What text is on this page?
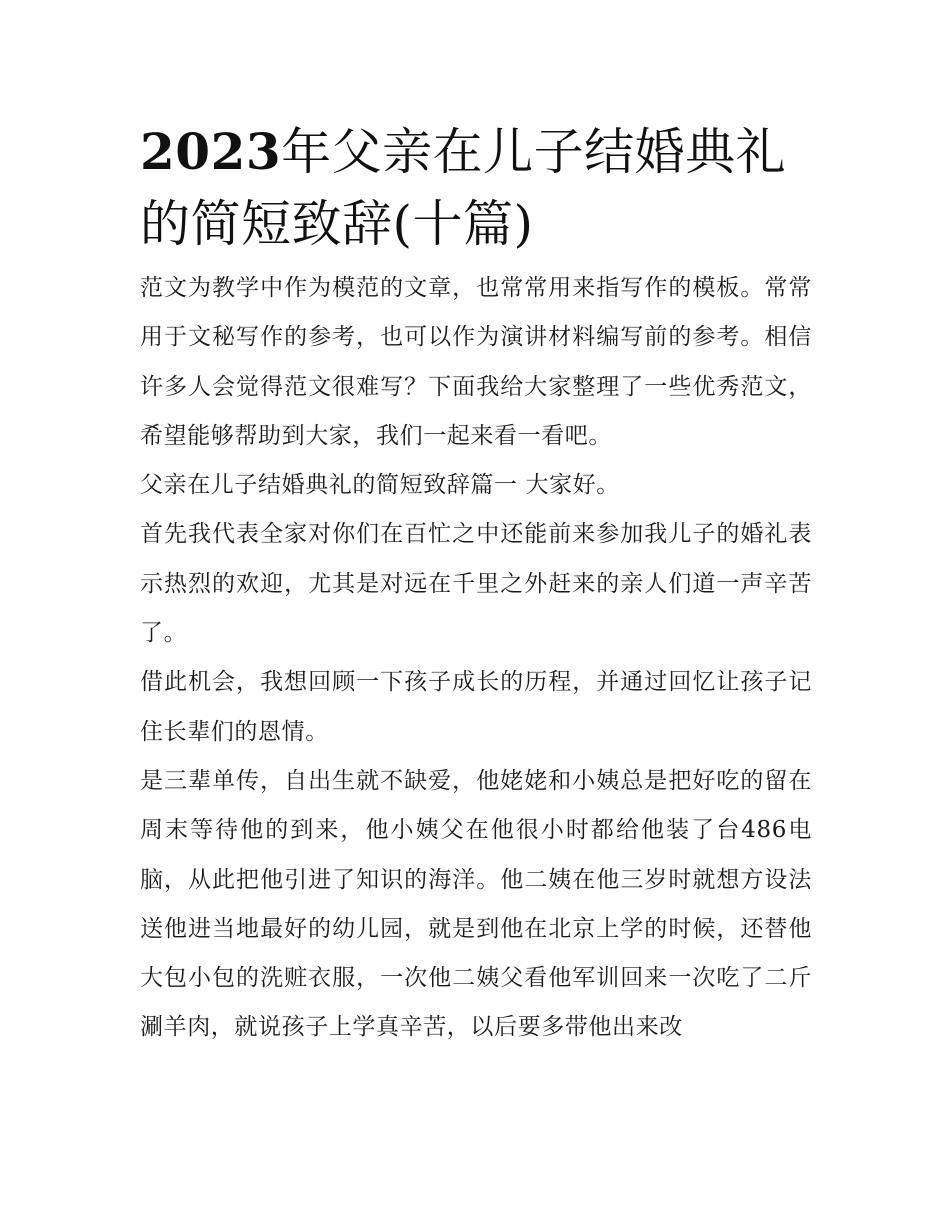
2023年父亲在儿子结婚典礼的简短致辞(十篇)

范文为教学中作为模范的文章，也常常用来指写作的模板。常常用于文秘写作的参考，也可以作为演讲材料编写前的参考。相信许多人会觉得范文很难写？下面我给大家整理了一些优秀范文，希望能够帮助到大家，我们一起来看一看吧。

父亲在儿子结婚典礼的简短致辞篇一 大家好。

首先我代表全家对你们在百忙之中还能前来参加我儿子的婚礼表示热烈的欢迎，尤其是对远在千里之外赶来的亲人们道一声辛苦了。

借此机会，我想回顾一下孩子成长的历程，并通过回忆让孩子记住长辈们的恩情。

是三辈单传，自出生就不缺爱，他姥姥和小姨总是把好吃的留在周末等待他的到来，他小姨父在他很小时都给他装了台486电脑，从此把他引进了知识的海洋。他二姨在他三岁时就想方设法送他进当地最好的幼儿园，就是到他在北京上学的时候，还替他大包小包的洗赃衣服，一次他二姨父看他军训回来一次吃了二斤涮羊肉，就说孩子上学真辛苦，以后要多带他出来改
